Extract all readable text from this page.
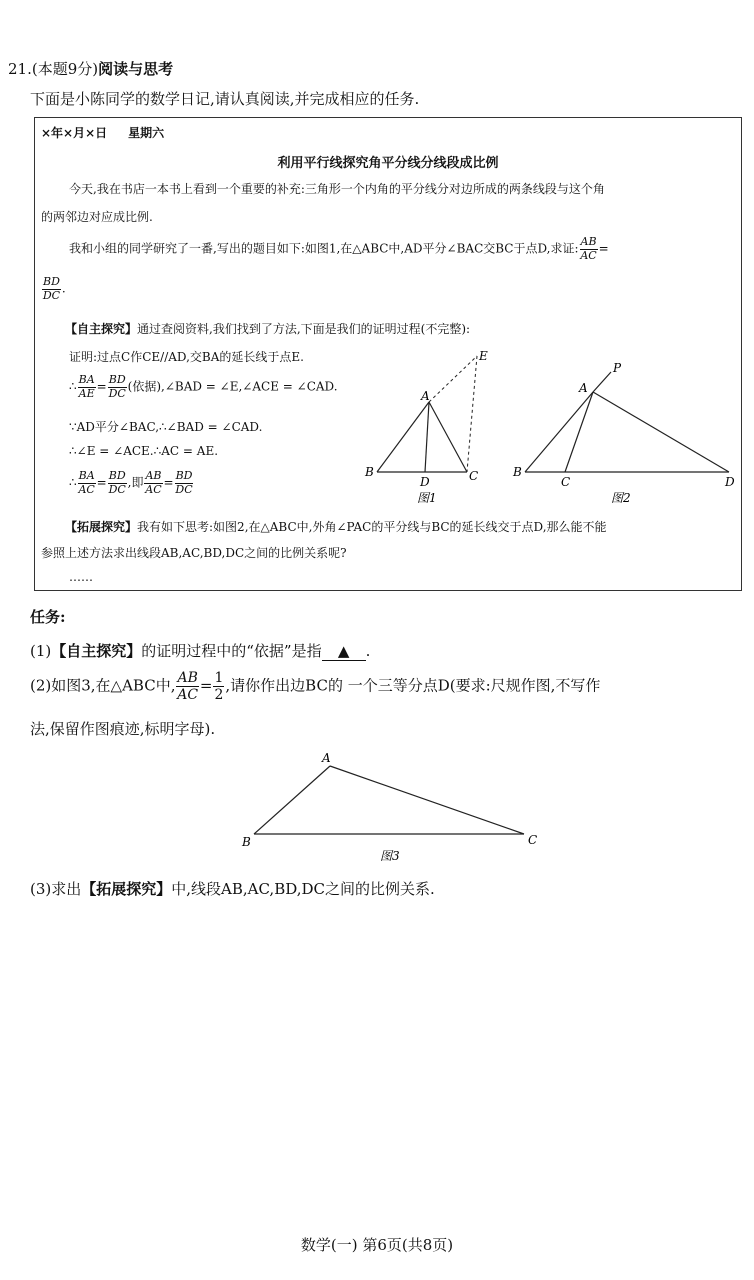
21.(本题9分)阅读与思考
下面是小陈同学的数学日记,请认真阅读,并完成相应的任务.
×年×月×日 星期六
利用平行线探究角平分线分线段成比例
今天,我在书店一本书上看到一个重要的补充:三角形一个内角的平分线分对边所成的两条线段与这个角
的两邻边对应成比例.
我和小组的同学研究了一番,写出的题目如下:如图1,在△ABC中,AD平分∠BAC交BC于点D,求证: $\frac{AB}{AC}$ =
$\frac{BD}{DC}$ .
【自主探究】通过查阅资料,我们找到了方法,下面是我们的证明过程(不完整):
证明:过点C作CE//AD,交BA的延长线于点E.
∴ $\frac{BA}{AE} = \frac{BD}{DC}$ (依据),∠BAD = ∠E,∠ACE = ∠CAD.
∵AD平分∠BAC,∴∠BAD = ∠CAD.
∴∠E = ∠ACE.∴AC = AE.
∴ $\frac{BA}{AC} = \frac{BD}{DC}$ ,即 $\frac{AB}{AC} = \frac{BD}{DC}$
【拓展探究】我有如下思考:如图2,在△ABC中,外角∠PAC的平分线与BC的延长线交于点D,那么能不能
参照上述方法求出线段AB,AC,BD,DC之间的比例关系呢?
……
B
A
D	C
E
图1
B
A
P
C	D
图2
任务:
(1)【自主探究】的证明过程中的“依据”是指 ▲ .
(2)如图3,在△ABC中, $\frac{AB}{AC} = \frac{1}{2}$ ,请你作出边BC的 一个三等分点D(要求:尺规作图,不写作
法,保留作图痕迹,标明字母).
A
B	C
图3
(3)求出【拓展探究】中,线段AB,AC,BD,DC之间的比例关系.
数学(一) 第6页(共8页)
